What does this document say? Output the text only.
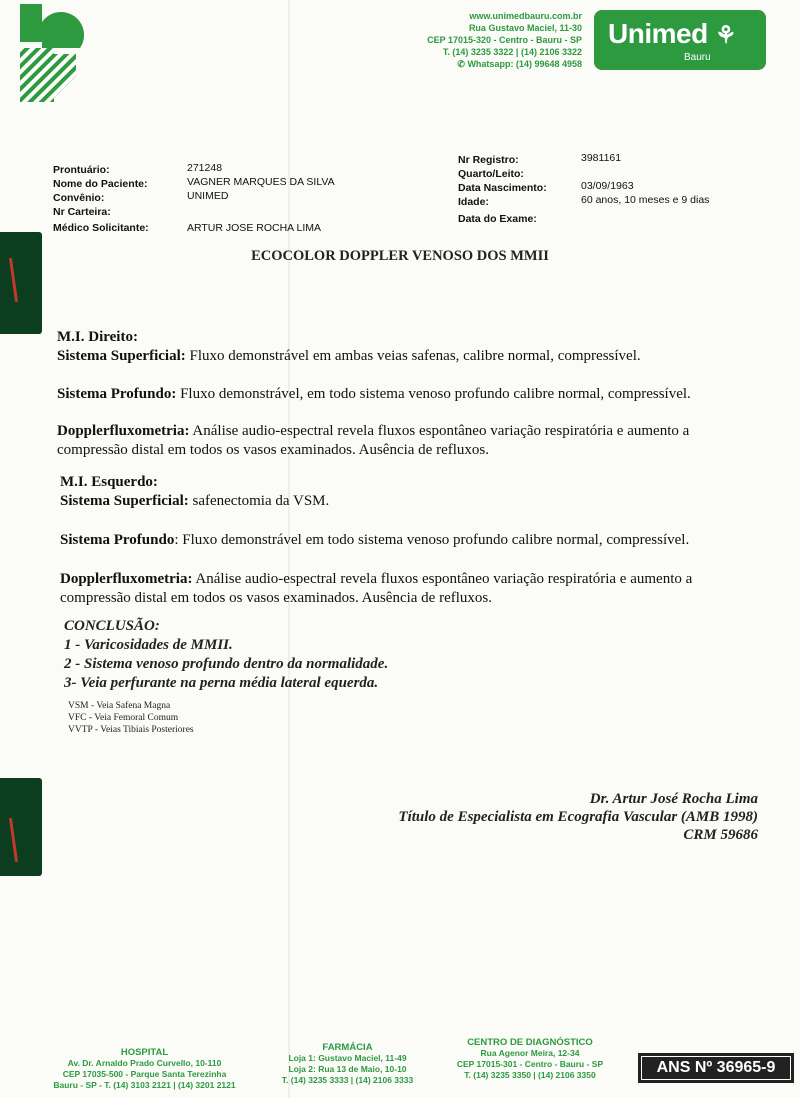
www.unimedbauru.com.br
Rua Gustavo Maciel, 11-30
CEP 17015-320 - Centro - Bauru - SP
T. (14) 3235 3322 | (14) 2106 3322
✆ Whatsapp: (14) 99648 4958
Unimed ⚘
Bauru
Prontuário:
Nome do Paciente:
Convênio:
Nr Carteira:
Médico Solicitante:
271248
VAGNER MARQUES DA SILVA
UNIMED
ARTUR JOSE ROCHA LIMA
Nr Registro:
Quarto/Leito:
Data Nascimento:
Idade:
Data do Exame:
3981161
03/09/1963
60 anos, 10 meses e 9 dias
ECOCOLOR DOPPLER VENOSO DOS MMII
M.I. Direito:
Sistema Superficial: Fluxo demonstrável em ambas veias safenas, calibre normal, compressível.
Sistema Profundo: Fluxo demonstrável, em todo sistema venoso profundo calibre normal, compressível.
Dopplerfluxometria: Análise audio-espectral revela fluxos espontâneo variação respiratória e aumento a
compressão distal em todos os vasos examinados. Ausência de refluxos.
M.I. Esquerdo:
Sistema Superficial: safenectomia da VSM.
Sistema Profundo: Fluxo demonstrável em todo sistema venoso profundo calibre normal, compressível.
Dopplerfluxometria: Análise audio-espectral revela fluxos espontâneo variação respiratória e aumento a
compressão distal em todos os vasos examinados. Ausência de refluxos.
CONCLUSÃO:
1 - Varicosidades de MMII.
2 - Sistema venoso profundo dentro da normalidade.
3- Veia perfurante na perna média lateral equerda.
VSM - Veia Safena Magna
VFC - Veia Femoral Comum
VVTP - Veias Tibiais Posteriores
Dr. Artur José Rocha Lima
Título de Especialista em Ecografia Vascular (AMB 1998)
CRM 59686
HOSPITAL
Av. Dr. Arnaldo Prado Curvello, 10-110
CEP 17035-500 - Parque Santa Terezinha
Bauru - SP - T. (14) 3103 2121 | (14) 3201 2121
FARMÁCIA
Loja 1: Gustavo Maciel, 11-49
Loja 2: Rua 13 de Maio, 10-10
T. (14) 3235 3333 | (14) 2106 3333
CENTRO DE DIAGNÓSTICO
Rua Agenor Meira, 12-34
CEP 17015-301 - Centro - Bauru - SP
T. (14) 3235 3350 | (14) 2106 3350	ANS Nº 36965-9
